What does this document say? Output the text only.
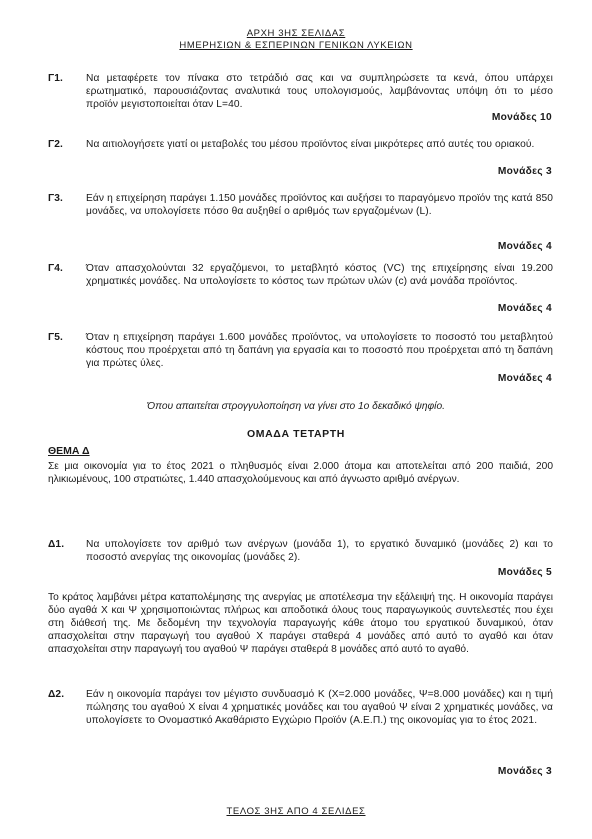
ΑΡΧΗ 3ΗΣ ΣΕΛΙΔΑΣ
ΗΜΕΡΗΣΙΩΝ & ΕΣΠΕΡΙΝΩΝ ΓΕΝΙΚΩΝ ΛΥΚΕΙΩΝ
Γ1. Να μεταφέρετε τον πίνακα στο τετράδιό σας και να συμπληρώσετε τα κενά, όπου υπάρχει ερωτηματικό, παρουσιάζοντας αναλυτικά τους υπολογισμούς, λαμβάνοντας υπόψη ότι το μέσο προϊόν μεγιστοποιείται όταν L=40.
Μονάδες 10
Γ2. Να αιτιολογήσετε γιατί οι μεταβολές του μέσου προϊόντος είναι μικρότερες από αυτές του οριακού.
Μονάδες 3
Γ3. Εάν η επιχείρηση παράγει 1.150 μονάδες προϊόντος και αυξήσει το παραγόμενο προϊόν της κατά 850 μονάδες, να υπολογίσετε πόσο θα αυξηθεί ο αριθμός των εργαζομένων (L).
Μονάδες 4
Γ4. Όταν απασχολούνται 32 εργαζόμενοι, το μεταβλητό κόστος (VC) της επιχείρησης είναι 19.200 χρηματικές μονάδες. Να υπολογίσετε το κόστος των πρώτων υλών (c) ανά μονάδα προϊόντος.
Μονάδες 4
Γ5. Όταν η επιχείρηση παράγει 1.600 μονάδες προϊόντος, να υπολογίσετε το ποσοστό του μεταβλητού κόστους που προέρχεται από τη δαπάνη για εργασία και το ποσοστό που προέρχεται από τη δαπάνη για πρώτες ύλες.
Μονάδες 4
Όπου απαιτείται στρογγυλοποίηση να γίνει στο 1ο δεκαδικό ψηφίο.
ΟΜΑΔΑ ΤΕΤΑΡΤΗ
ΘΕΜΑ Δ
Σε μια οικονομία για το έτος 2021 ο πληθυσμός είναι 2.000 άτομα και αποτελείται από 200 παιδιά, 200 ηλικιωμένους, 100 στρατιώτες, 1.440 απασχολούμενους και από άγνωστο αριθμό ανέργων.
Δ1. Να υπολογίσετε τον αριθμό των ανέργων (μονάδα 1), το εργατικό δυναμικό (μονάδες 2) και το ποσοστό ανεργίας της οικονομίας (μονάδες 2).
Μονάδες 5
Το κράτος λαμβάνει μέτρα καταπολέμησης της ανεργίας με αποτέλεσμα την εξάλειψή της. Η οικονομία παράγει δύο αγαθά Χ και Ψ χρησιμοποιώντας πλήρως και αποδοτικά όλους τους παραγωγικούς συντελεστές που έχει στη διάθεσή της. Με δεδομένη την τεχνολογία παραγωγής κάθε άτομο του εργατικού δυναμικού, όταν απασχολείται στην παραγωγή του αγαθού Χ παράγει σταθερά 4 μονάδες από αυτό το αγαθό και όταν απασχολείται στην παραγωγή του αγαθού Ψ παράγει σταθερά 8 μονάδες από αυτό το αγαθό.
Δ2. Εάν η οικονομία παράγει τον μέγιστο συνδυασμό Κ (Χ=2.000 μονάδες, Ψ=8.000 μονάδες) και η τιμή πώλησης του αγαθού Χ είναι 4 χρηματικές μονάδες και του αγαθού Ψ είναι 2 χρηματικές μονάδες, να υπολογίσετε το Ονομαστικό Ακαθάριστο Εγχώριο Προϊόν (Α.Ε.Π.) της οικονομίας για το έτος 2021.
Μονάδες 3
ΤΕΛΟΣ 3ΗΣ ΑΠΟ 4 ΣΕΛΙΔΕΣ
